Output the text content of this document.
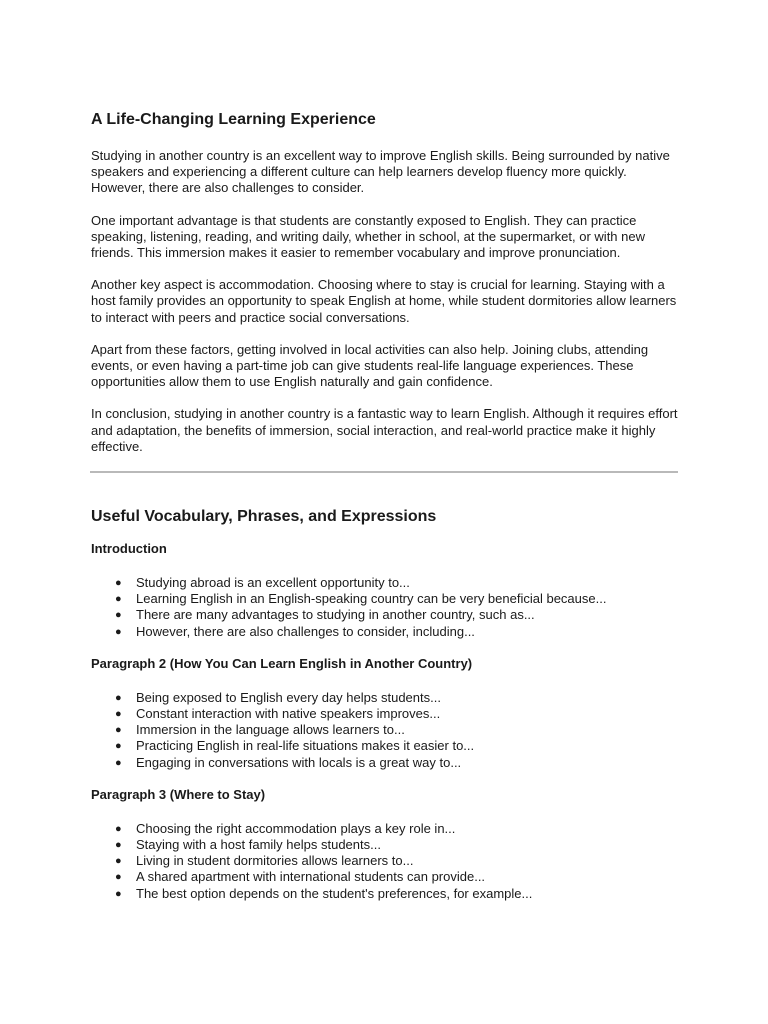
A Life-Changing Learning Experience

Studying in another country is an excellent way to improve English skills. Being surrounded by native speakers and experiencing a different culture can help learners develop fluency more quickly. However, there are also challenges to consider.

One important advantage is that students are constantly exposed to English. They can practice speaking, listening, reading, and writing daily, whether in school, at the supermarket, or with new friends. This immersion makes it easier to remember vocabulary and improve pronunciation.

Another key aspect is accommodation. Choosing where to stay is crucial for learning. Staying with a host family provides an opportunity to speak English at home, while student dormitories allow learners to interact with peers and practice social conversations.

Apart from these factors, getting involved in local activities can also help. Joining clubs, attending events, or even having a part-time job can give students real-life language experiences. These opportunities allow them to use English naturally and gain confidence.

In conclusion, studying in another country is a fantastic way to learn English. Although it requires effort and adaptation, the benefits of immersion, social interaction, and real-world practice make it highly effective.

Useful Vocabulary, Phrases, and Expressions
Introduction
● Studying abroad is an excellent opportunity to...
● Learning English in an English-speaking country can be very beneficial because...
● There are many advantages to studying in another country, such as...
● However, there are also challenges to consider, including...
Paragraph 2 (How You Can Learn English in Another Country)
● Being exposed to English every day helps students...
● Constant interaction with native speakers improves...
● Immersion in the language allows learners to...
● Practicing English in real-life situations makes it easier to...
● Engaging in conversations with locals is a great way to...
Paragraph 3 (Where to Stay)
● Choosing the right accommodation plays a key role in...
● Staying with a host family helps students...
● Living in student dormitories allows learners to...
● A shared apartment with international students can provide...
● The best option depends on the student's preferences, for example...
